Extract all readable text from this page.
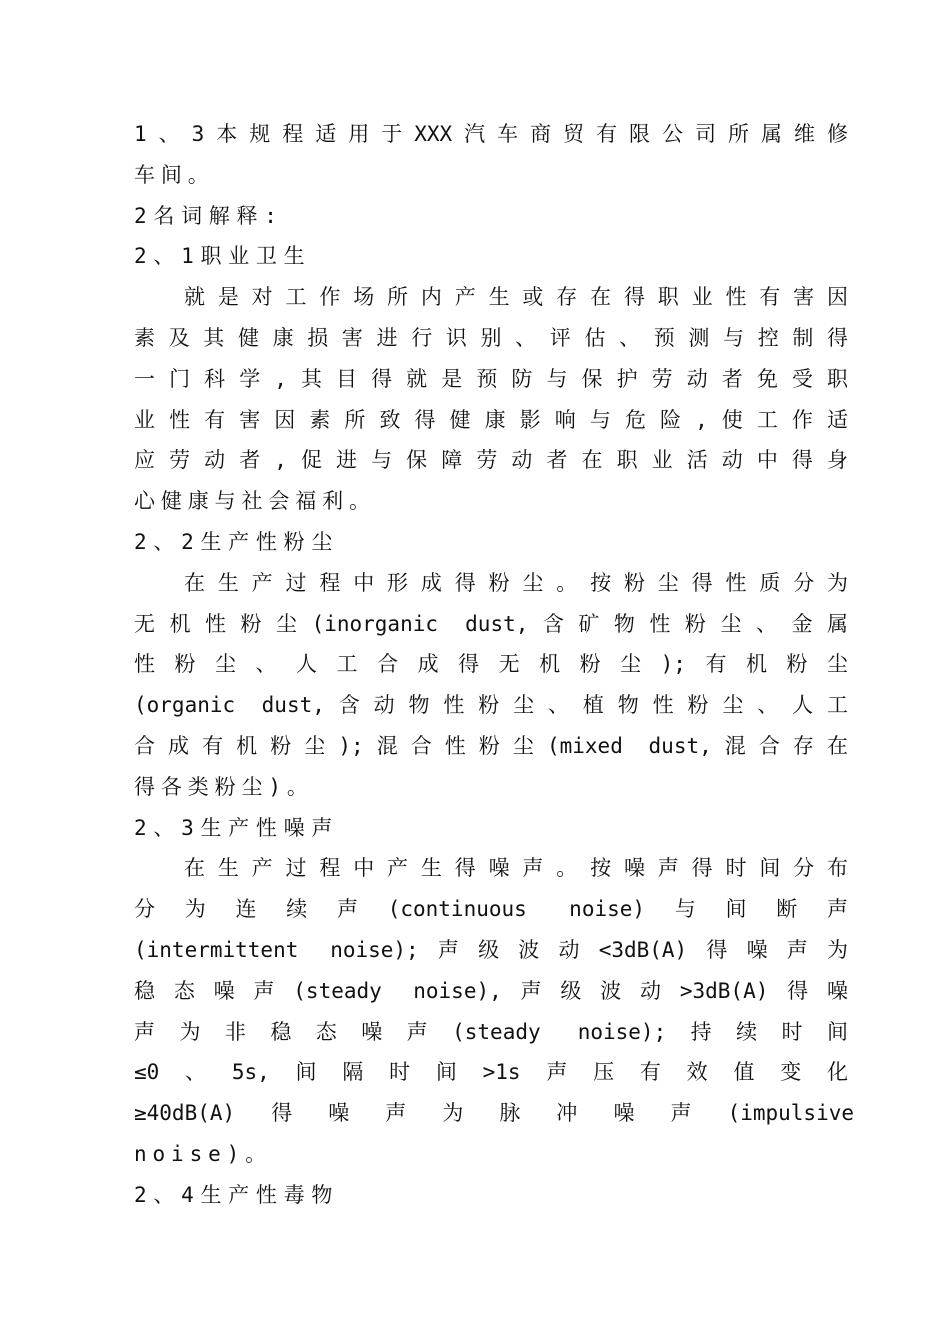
1、3本规程适用于XXX汽车商贸有限公司所属维修
车间。
2名词解释:
2、1职业卫生
就是对工作场所内产生或存在得职业性有害因
素及其健康损害进行识别、评估、预测与控制得
一门科学,其目得就是预防与保护劳动者免受职
业性有害因素所致得健康影响与危险,使工作适
应劳动者,促进与保障劳动者在职业活动中得身
心健康与社会福利。
2、2生产性粉尘
在生产过程中形成得粉尘。按粉尘得性质分为
无机性粉尘(inorganic dust,含矿物性粉尘、金属
性粉尘、人工合成得无机粉尘);有机粉尘
(organic dust,含动物性粉尘、植物性粉尘、人工
合成有机粉尘);混合性粉尘(mixed dust,混合存在
得各类粉尘)。
2、3生产性噪声
在生产过程中产生得噪声。按噪声得时间分布
分为连续声(continuous noise)与间断声
(intermittent noise);声级波动<3dB(A)得噪声为
稳态噪声(steady noise),声级波动>3dB(A)得噪
声为非稳态噪声(steady noise);持续时间
≤0、5s,间隔时间>1s声压有效值变化
≥40dB(A)得噪声为脉冲噪声(impulsive
noise)。
2、4生产性毒物
